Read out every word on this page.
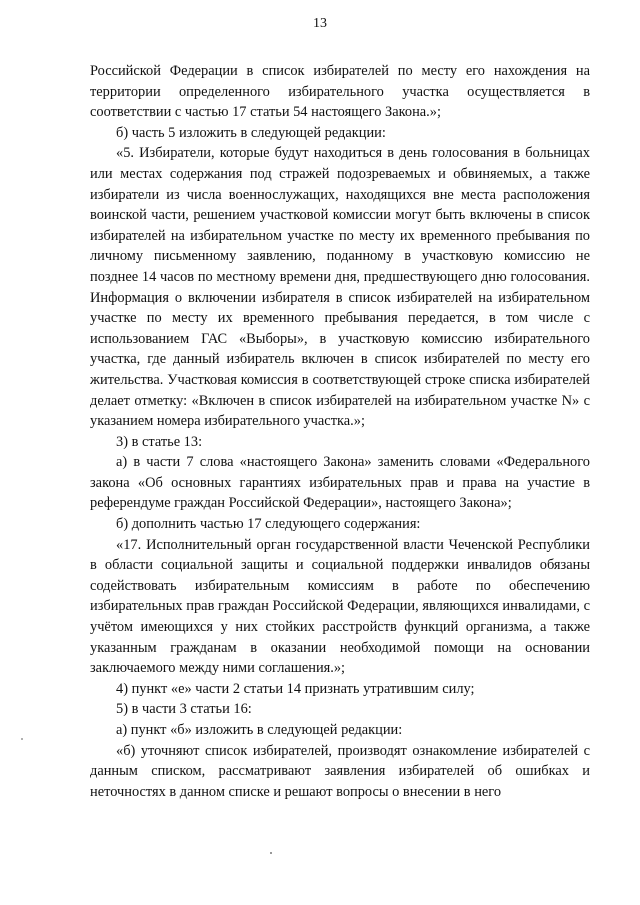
13

Российской Федерации в список избирателей по месту его нахождения на территории определенного избирательного участка осуществляется в соответствии с частью 17 статьи 54 настоящего Закона.»;

б) часть 5 изложить в следующей редакции:

«5. Избиратели, которые будут находиться в день голосования в больницах или местах содержания под стражей подозреваемых и обвиняемых, а также избиратели из числа военнослужащих, находящихся вне места расположения воинской части, решением участковой комиссии могут быть включены в список избирателей на избирательном участке по месту их временного пребывания по личному письменному заявлению, поданному в участковую комиссию не позднее 14 часов по местному времени дня, предшествующего дню голосования. Информация о включении избирателя в список избирателей на избирательном участке по месту их временного пребывания передается, в том числе с использованием ГАС «Выборы», в участковую комиссию избирательного участка, где данный избиратель включен в список избирателей по месту его жительства. Участковая комиссия в соответствующей строке списка избирателей делает отметку: «Включен в список избирателей на избирательном участке N» с указанием номера избирательного участка.»;

3) в статье 13:

а) в части 7 слова «настоящего Закона» заменить словами «Федерального закона «Об основных гарантиях избирательных прав и права на участие в референдуме граждан Российской Федерации», настоящего Закона»;

б) дополнить частью 17 следующего содержания:

«17. Исполнительный орган государственной власти Чеченской Республики в области социальной защиты и социальной поддержки инвалидов обязаны содействовать избирательным комиссиям в работе по обеспечению избирательных прав граждан Российской Федерации, являющихся инвалидами, с учётом имеющихся у них стойких расстройств функций организма, а также указанным гражданам в оказании необходимой помощи на основании заключаемого между ними соглашения.»;

4) пункт «е» части 2 статьи 14 признать утратившим силу;

5) в части 3 статьи 16:

а) пункт «б» изложить в следующей редакции:

«б) уточняют список избирателей, производят ознакомление избирателей с данным списком, рассматривают заявления избирателей об ошибках и неточностях в данном списке и решают вопросы о внесении в него
